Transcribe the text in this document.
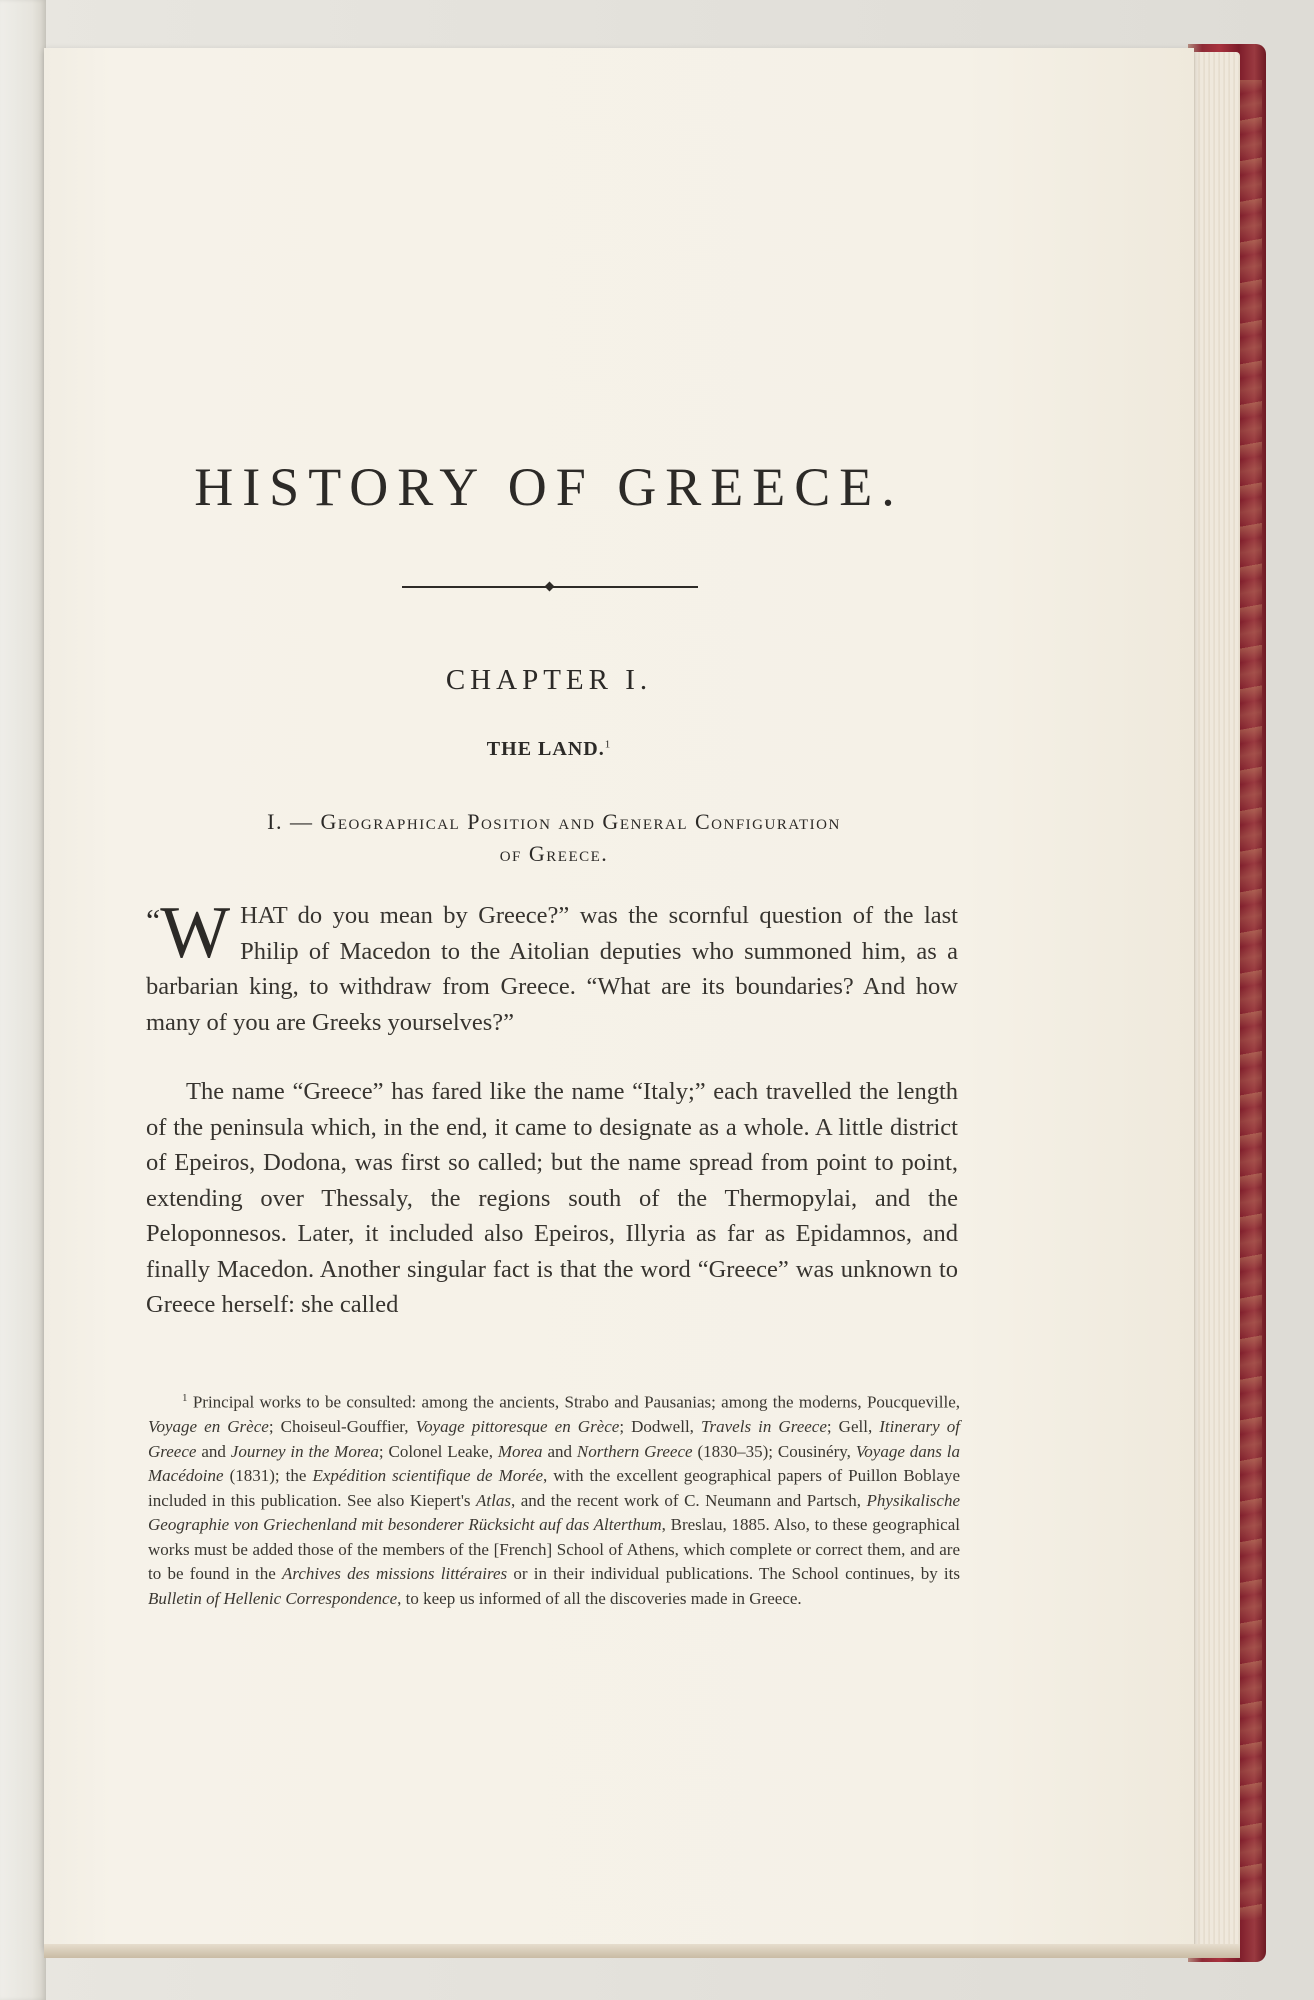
HISTORY OF GREECE.
CHAPTER I.
THE LAND.$^1$
I. — Geographical Position and General Configuration
of Greece.
“W HAT do you mean by Greece?” was the scornful question of the last Philip of Macedon to the Aitolian deputies who summoned him, as a barbarian king, to withdraw from Greece. “What are its boundaries? And how many of you are Greeks yourselves?”
The name “Greece” has fared like the name “Italy;” each travelled the length of the peninsula which, in the end, it came to designate as a whole. A little district of Epeiros, Dodona, was first so called; but the name spread from point to point, extending over Thessaly, the regions south of the Thermopylai, and the Peloponnesos. Later, it included also Epeiros, Illyria as far as Epidamnos, and finally Macedon. Another singular fact is that the word “Greece” was unknown to Greece herself: she called
$^1$ Principal works to be consulted: among the ancients, Strabo and Pausanias; among the moderns, Poucqueville, Voyage en Grèce; Choiseul-Gouffier, Voyage pittoresque en Grèce; Dodwell, Travels in Greece; Gell, Itinerary of Greece and Journey in the Morea; Colonel Leake, Morea and Northern Greece (1830–35); Cousinéry, Voyage dans la Macédoine (1831); the Expédition scientifique de Morée, with the excellent geographical papers of Puillon Boblaye included in this publication. See also Kiepert's Atlas, and the recent work of C. Neumann and Partsch, Physikalische Geographie von Griechenland mit besonderer Rücksicht auf das Alterthum, Breslau, 1885. Also, to these geographical works must be added those of the members of the [French] School of Athens, which complete or correct them, and are to be found in the Archives des missions littéraires or in their individual publications. The School continues, by its Bulletin of Hellenic Correspondence, to keep us informed of all the discoveries made in Greece.
